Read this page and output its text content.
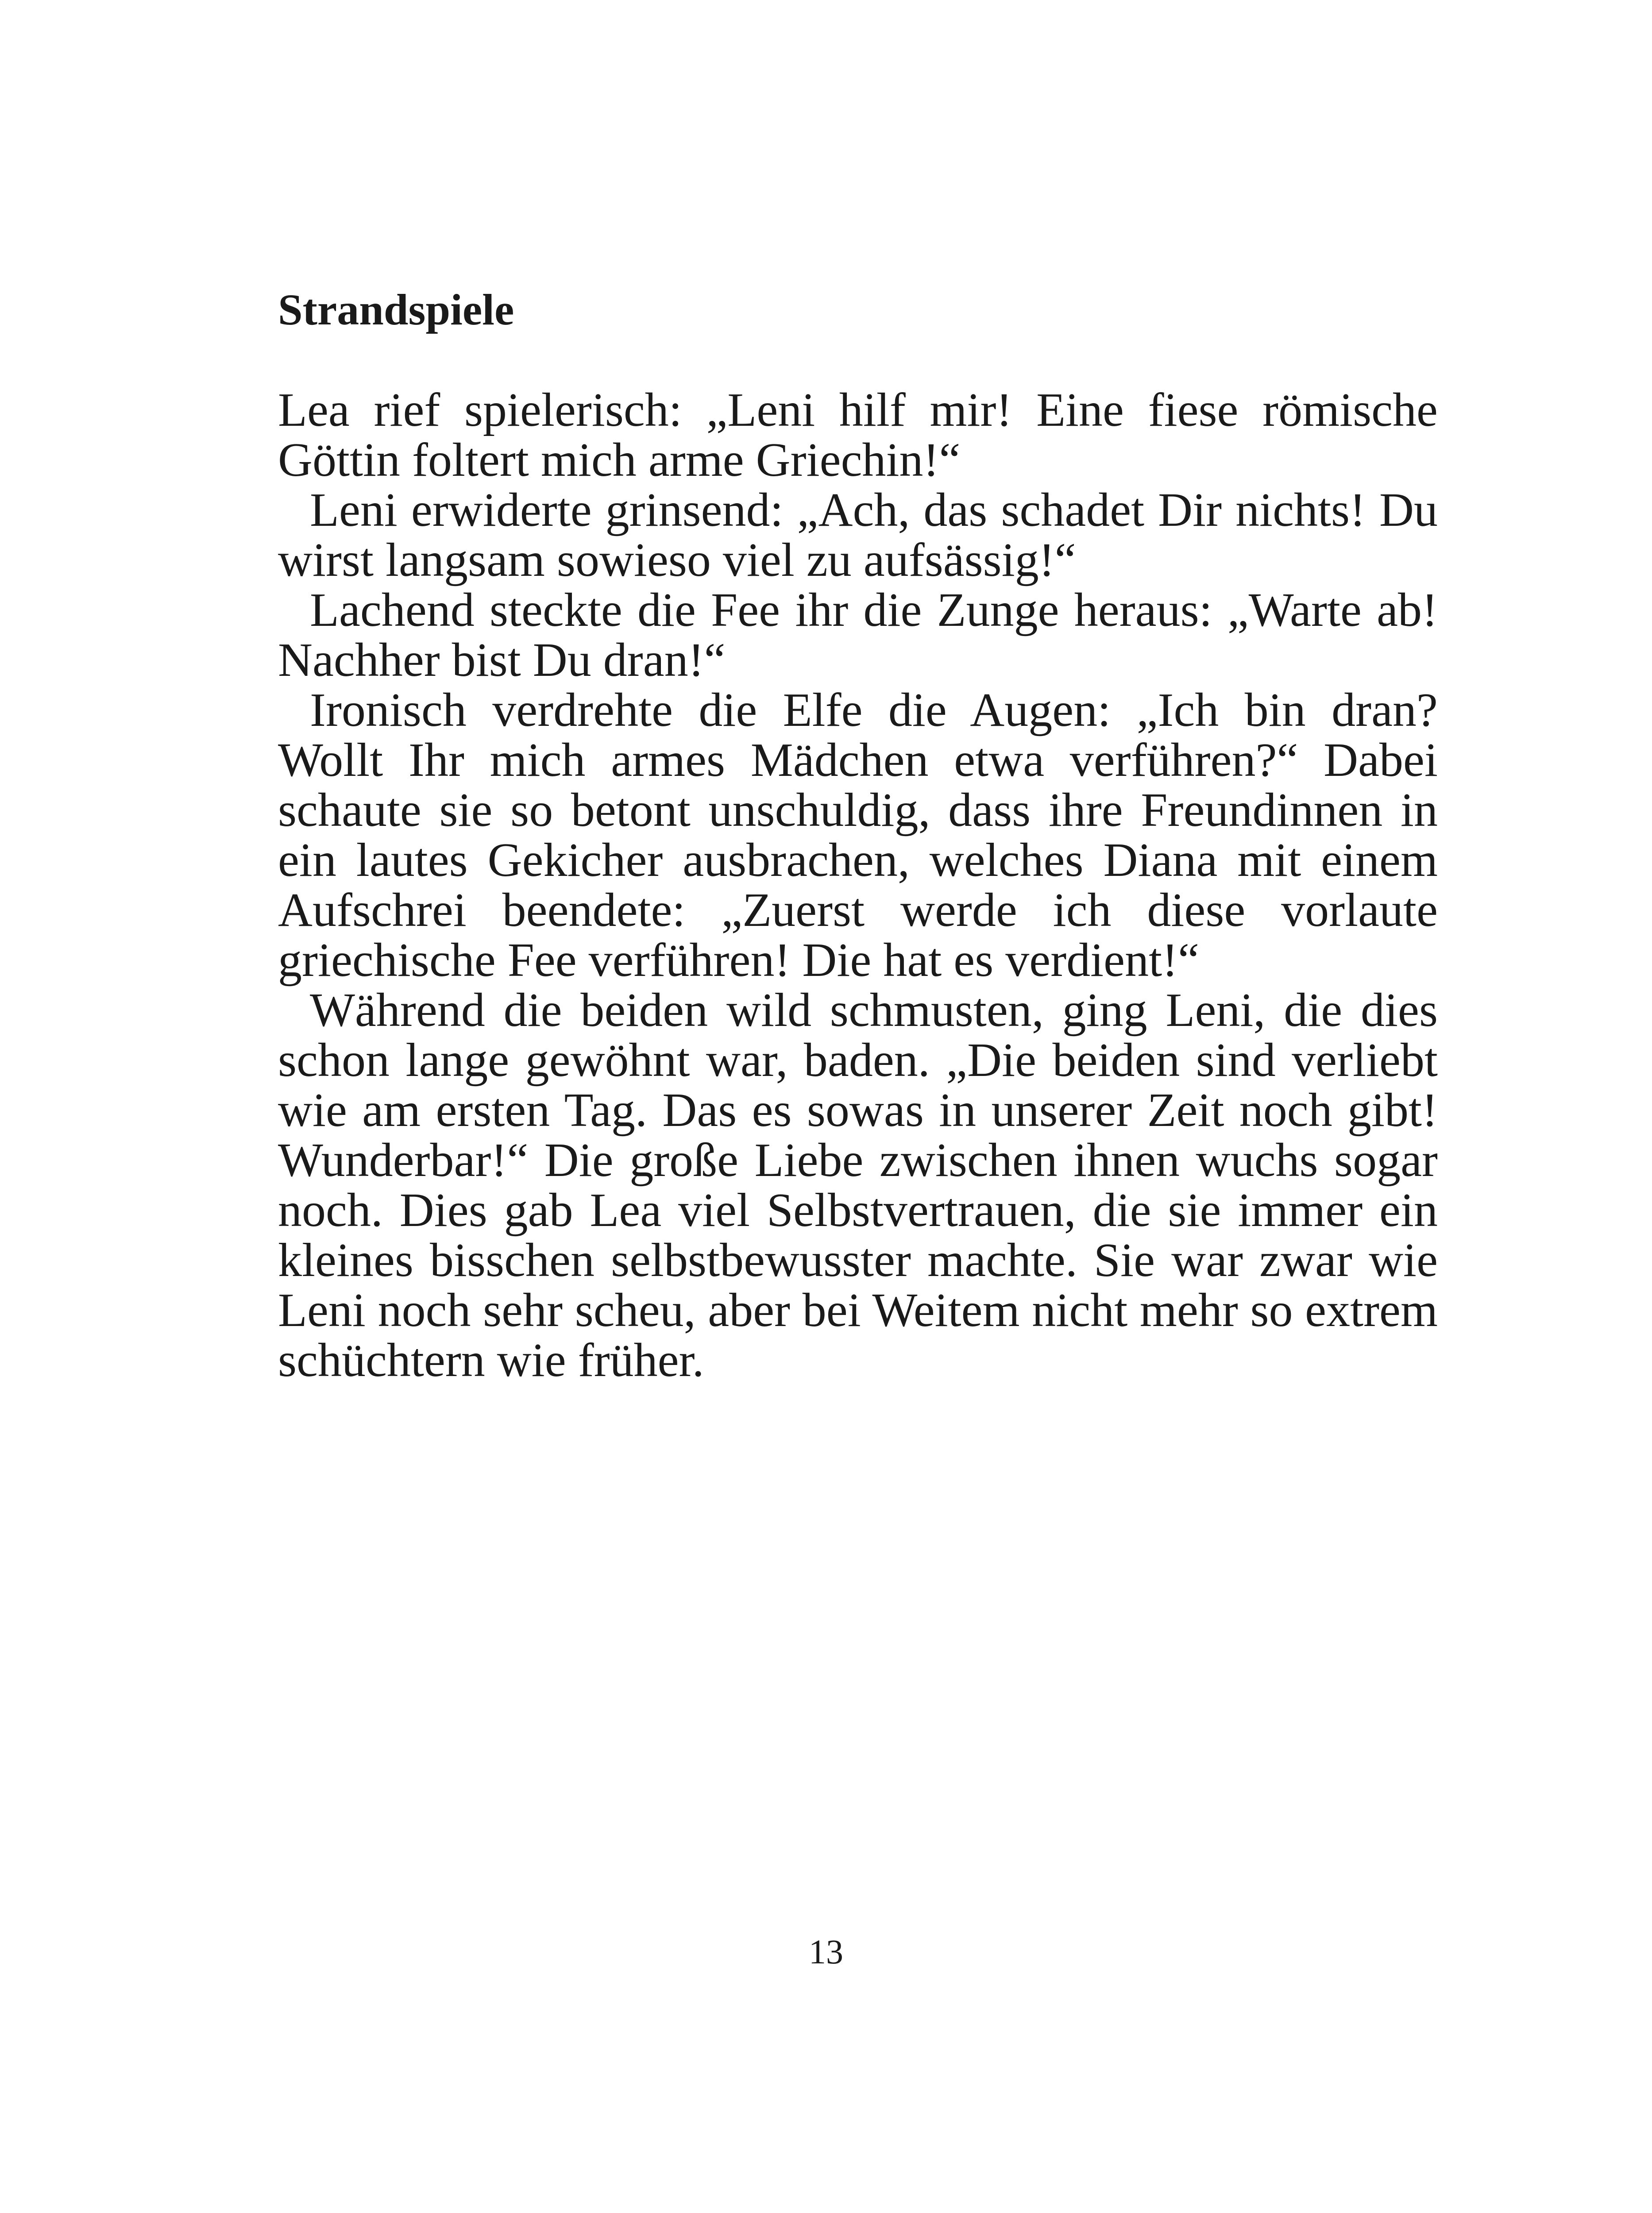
Strandspiele

Lea rief spielerisch: „Leni hilf mir! Eine fiese römische Göttin foltert mich arme Griechin!“

Leni erwiderte grinsend: „Ach, das schadet Dir nichts! Du wirst langsam sowieso viel zu aufsässig!“

Lachend steckte die Fee ihr die Zunge heraus: „Warte ab! Nachher bist Du dran!“

Ironisch verdrehte die Elfe die Augen: „Ich bin dran? Wollt Ihr mich armes Mädchen etwa verführen?“ Dabei schaute sie so betont unschuldig, dass ihre Freundinnen in ein lautes Gekicher ausbrachen, welches Diana mit einem Aufschrei beendete: „Zuerst werde ich diese vorlaute griechische Fee verführen! Die hat es verdient!“

Während die beiden wild schmusten, ging Leni, die dies schon lange gewöhnt war, baden. „Die beiden sind verliebt wie am ersten Tag. Das es sowas in unserer Zeit noch gibt! Wunderbar!“ Die große Liebe zwischen ihnen wuchs sogar noch. Dies gab Lea viel Selbstvertrauen, die sie immer ein kleines bisschen selbstbewusster machte. Sie war zwar wie Leni noch sehr scheu, aber bei Weitem nicht mehr so extrem schüchtern wie früher.

13
